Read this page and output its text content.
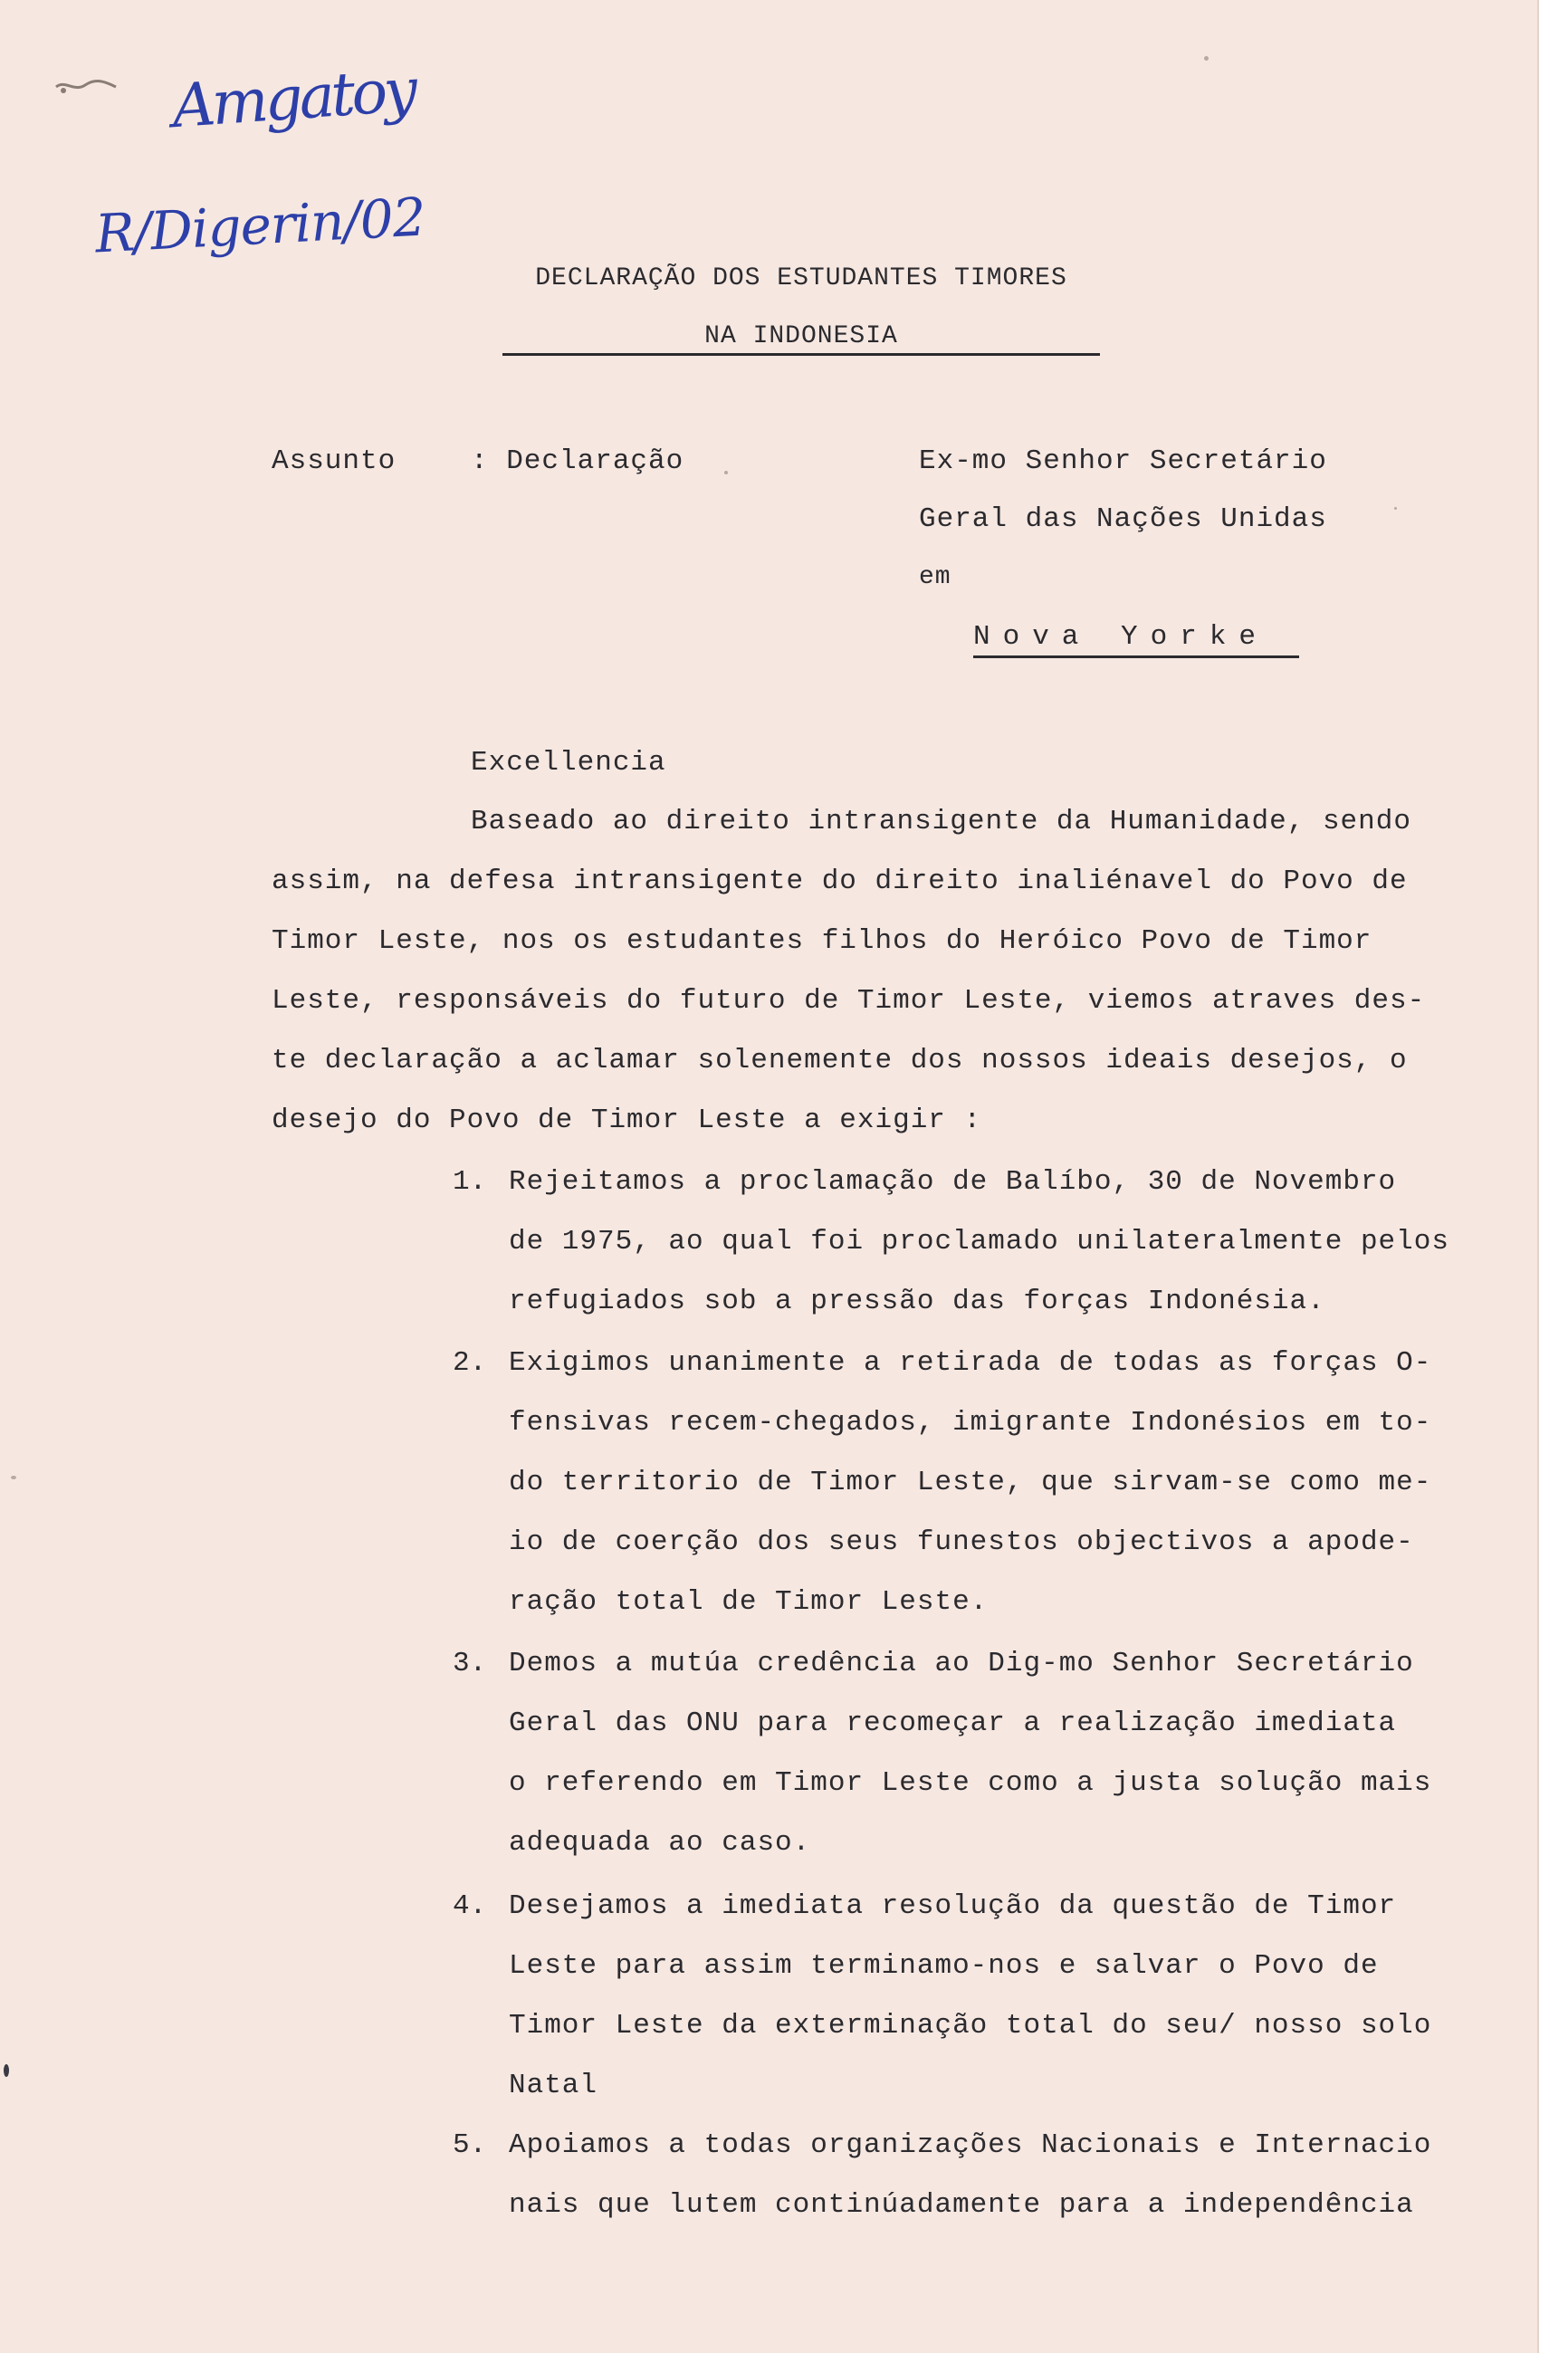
Amgatoy
R/Digerin/02
DECLARAÇÃO DOS ESTUDANTES TIMORES
NA INDONESIA
Assunto	: Declaração	Ex-mo Senhor Secretário
Geral das Nações Unidas
em
Nova Yorke
Excellencia
Baseado ao direito intransigente da Humanidade, sendo
assim, na defesa intransigente do direito inaliénavel do Povo de
Timor Leste, nos os estudantes filhos do Heróico Povo de Timor
Leste, responsáveis do futuro de Timor Leste, viemos atraves des-
te declaração a aclamar solenemente dos nossos ideais desejos, o
desejo do Povo de Timor Leste a exigir :
1. Rejeitamos a proclamação de Balíbo, 30 de Novembro
de 1975, ao qual foi proclamado unilateralmente pelos
refugiados sob a pressão das forças Indonésia.
2. Exigimos unanimente a retirada de todas as forças O-
fensivas recem-chegados, imigrante Indonésios em to-
do territorio de Timor Leste, que sirvam-se como me-
io de coerção dos seus funestos objectivos a apode-
ração total de Timor Leste.
3. Demos a mutúa credência ao Dig-mo Senhor Secretário
Geral das ONU para recomeçar a realização imediata
o referendo em Timor Leste como a justa solução mais
adequada ao caso.
4. Desejamos a imediata resolução da questão de Timor
Leste para assim terminamo-nos e salvar o Povo de
Timor Leste da exterminação total do seu/ nosso solo
Natal
5. Apoiamos a todas organizações Nacionais e Internacio
nais que lutem continúadamente para a independência
